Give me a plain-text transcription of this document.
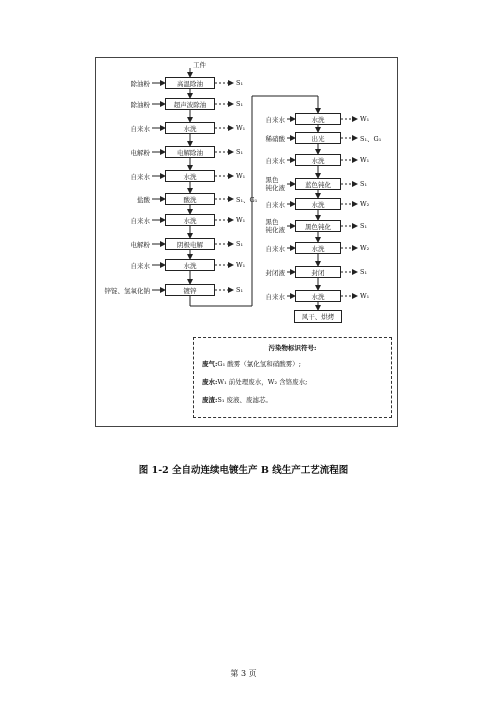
工件
污染物标识符号:
废气:G₁ 酸雾（氯化氢和硝酸雾）;
废水:W₁ 前处理废水，W₂ 含铬废水;
废渣:S₁ 废液、废滤芯。
图 1-2 全自动连续电镀生产 B 线生产工艺流程图
第 3 页
高温除油
除油粉	S₁
超声波除油
除油粉	S₁
水洗
自来水	W₁
电解除油
电解粉	S₁
水洗
自来水	W₁
酸洗
盐酸	S₁、G₁
水洗
自来水	W₁
阴极电解
电解粉	S₁
水洗
自来水	W₁
镀锌
锌锭、氢氧化钠	S₁
水洗
自来水	W₁
出光
稀硝酸	S₁、G₁
水洗
自来水	W₁
蓝色钝化
黑色
钝化液	S₁
水洗
自来水	W₂
黑色钝化
黑色
钝化液	S₁
水洗
自来水	W₂
封闭
封闭液	S₁
水洗
自来水	W₁
风干、烘烤
